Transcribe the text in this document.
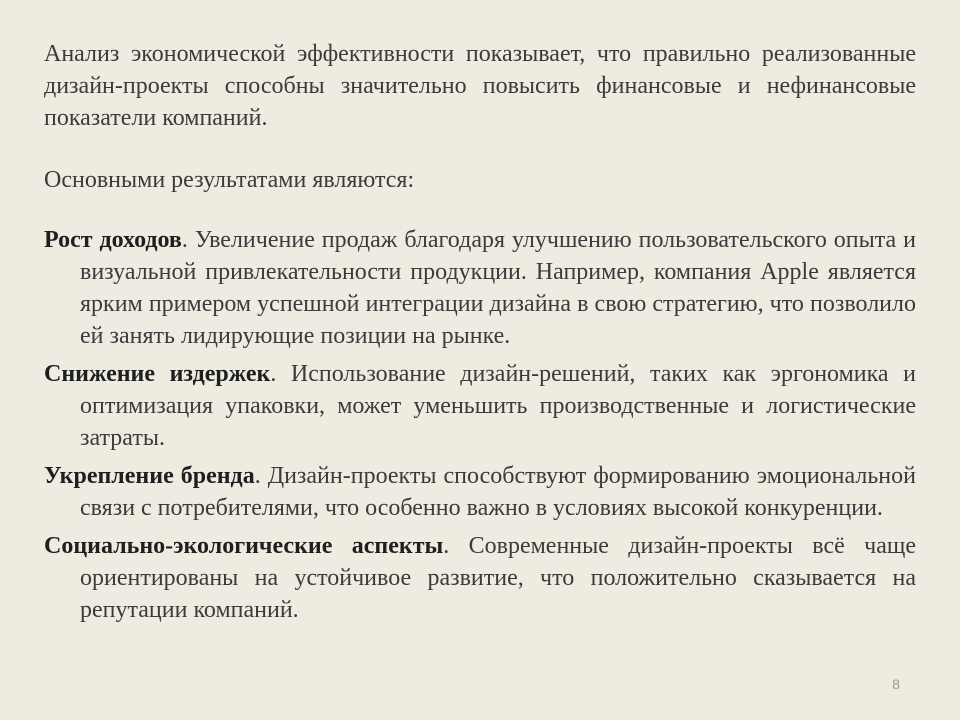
Анализ экономической эффективности показывает, что правильно реализованные дизайн-проекты способны значительно повысить финансовые и нефинансовые показатели компаний.

Основными результатами являются:

Рост доходов. Увеличение продаж благодаря улучшению пользовательского опыта и визуальной привлекательности продукции. Например, компания Apple является ярким примером успешной интеграции дизайна в свою стратегию, что позволило ей занять лидирующие позиции на рынке.

Снижение издержек. Использование дизайн-решений, таких как эргономика и оптимизация упаковки, может уменьшить производственные и логистические затраты.

Укрепление бренда. Дизайн-проекты способствуют формированию эмоциональной связи с потребителями, что особенно важно в условиях высокой конкуренции.

Социально-экологические аспекты. Современные дизайн-проекты всё чаще ориентированы на устойчивое развитие, что положительно сказывается на репутации компаний.

8
